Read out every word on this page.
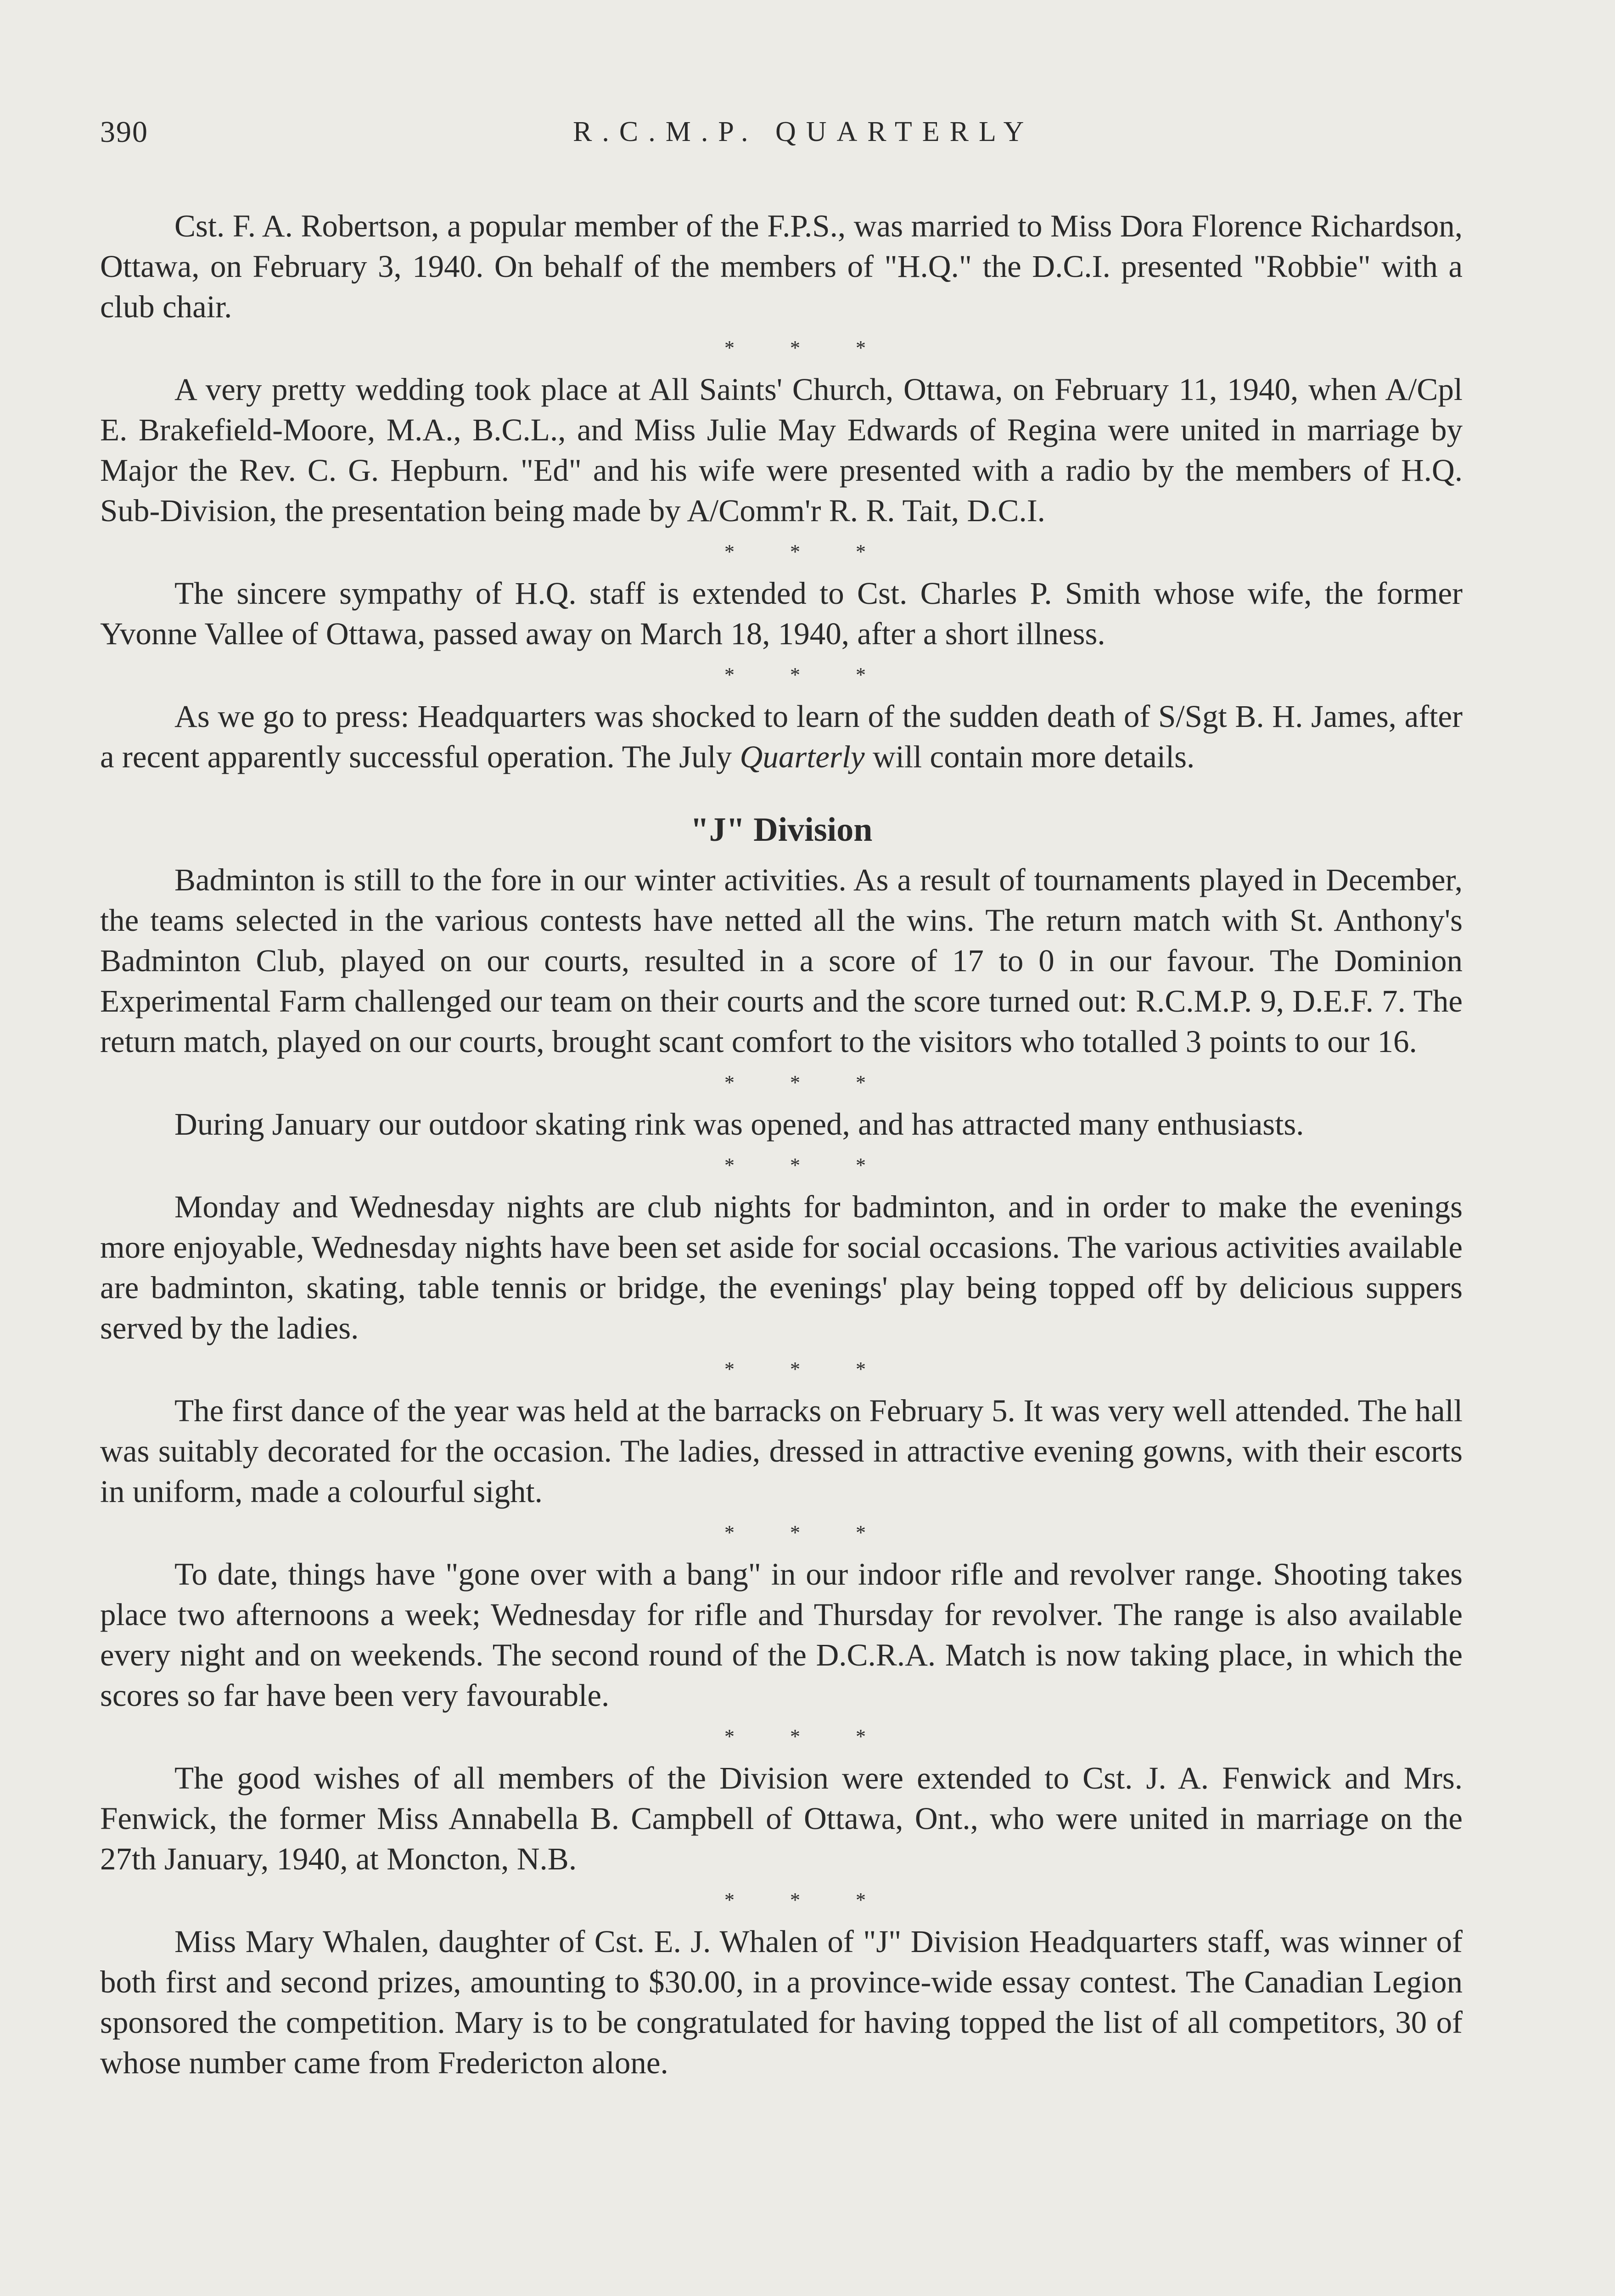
390	R.C.M.P. QUARTERLY

Cst. F. A. Robertson, a popular member of the F.P.S., was married to Miss Dora Florence Richardson, Ottawa, on February 3, 1940. On behalf of the members of "H.Q." the D.C.I. presented "Robbie" with a club chair.

* * *

A very pretty wedding took place at All Saints' Church, Ottawa, on February 11, 1940, when A/Cpl E. Brakefield-Moore, M.A., B.C.L., and Miss Julie May Edwards of Regina were united in marriage by Major the Rev. C. G. Hepburn. "Ed" and his wife were presented with a radio by the members of H.Q. Sub-Division, the presentation being made by A/Comm'r R. R. Tait, D.C.I.

* * *

The sincere sympathy of H.Q. staff is extended to Cst. Charles P. Smith whose wife, the former Yvonne Vallee of Ottawa, passed away on March 18, 1940, after a short illness.

* * *

As we go to press: Headquarters was shocked to learn of the sudden death of S/Sgt B. H. James, after a recent apparently successful operation. The July Quarterly will contain more details.

"J" Division

Badminton is still to the fore in our winter activities. As a result of tournaments played in December, the teams selected in the various contests have netted all the wins. The return match with St. Anthony's Badminton Club, played on our courts, resulted in a score of 17 to 0 in our favour. The Dominion Experimental Farm challenged our team on their courts and the score turned out: R.C.M.P. 9, D.E.F. 7. The return match, played on our courts, brought scant comfort to the visitors who totalled 3 points to our 16.

* * *

During January our outdoor skating rink was opened, and has attracted many enthusiasts.

* * *

Monday and Wednesday nights are club nights for badminton, and in order to make the evenings more enjoyable, Wednesday nights have been set aside for social occasions. The various activities available are badminton, skating, table tennis or bridge, the evenings' play being topped off by delicious suppers served by the ladies.

* * *

The first dance of the year was held at the barracks on February 5. It was very well attended. The hall was suitably decorated for the occasion. The ladies, dressed in attractive evening gowns, with their escorts in uniform, made a colourful sight.

* * *

To date, things have "gone over with a bang" in our indoor rifle and revolver range. Shooting takes place two afternoons a week; Wednesday for rifle and Thursday for revolver. The range is also available every night and on weekends. The second round of the D.C.R.A. Match is now taking place, in which the scores so far have been very favourable.

* * *

The good wishes of all members of the Division were extended to Cst. J. A. Fenwick and Mrs. Fenwick, the former Miss Annabella B. Campbell of Ottawa, Ont., who were united in marriage on the 27th January, 1940, at Moncton, N.B.

* * *

Miss Mary Whalen, daughter of Cst. E. J. Whalen of "J" Division Headquarters staff, was winner of both first and second prizes, amounting to $30.00, in a province-wide essay contest. The Canadian Legion sponsored the competition. Mary is to be congratulated for having topped the list of all competitors, 30 of whose number came from Fredericton alone.
